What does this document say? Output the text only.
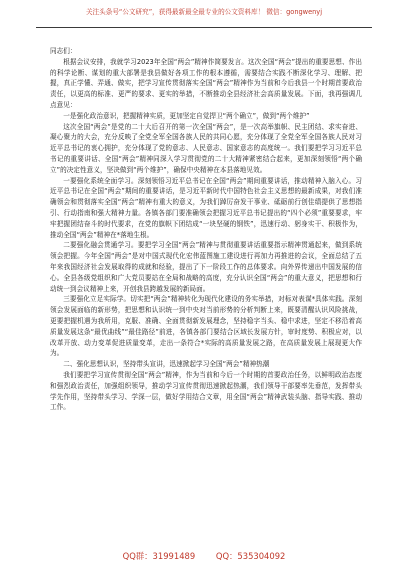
关注头条号“公文研究”，获得最新最全最专业的公文资料库！ 微信：gongwenyj

同志们：

根据会议安排，我就学习2023年全国“两会”精神作简要发言。这次全国“两会”提出的重要思想、作出的科学论断、谋划的重大部署是我县做好各项工作的根本遵循，需要结合实践不断深化学习、理解、把握，真正学懂、弄通、做实，把学习宣传贯彻落实全国“两会”精神作为当前和今后我县一个时期首要政治责任，以更高的标准、更严的要求、更实的举措，不断推动全县经济社会高质量发展。下面，我再强调几点意见：

一是强化政治意识，把握精神实质，更加坚定自觉捍卫“两个确立”，做到“两个维护”

这次全国“两会”是党的二十大后召开的第一次全国“两会”，是一次高举旗帜、民主团结、求实奋进、凝心聚力的大会，充分反映了全党全军全国各族人民的共同心愿，充分体现了全党全军全国各族人民对习近平总书记的衷心拥护，充分体现了党的意志、人民意志、国家意志的高度统一。我们要把学习习近平总书记的重要讲话、全国“两会”精神同深入学习贯彻党的二十大精神紧密结合起来，更加深刻领悟“两个确立”的决定性意义，坚决做到“两个维护”，确保中央精神在本县落地见效。

一要强化系统全面学习。深刻领悟习近平总书记在全国“两会”期间重要讲话，推动精神入脑入心。习近平总书记在全国“两会”期间的重要讲话，是习近平新时代中国特色社会主义思想的最新成果，对我们准确领会和贯彻落实全国“两会”精神有重大的意义，为我们踔厉奋发干事业、砥砺前行创佳绩提供了思想指引、行动指南和强大精神力量。各镇各部门要准确领会把握习近平总书记提出的“四个必须”重要要求，牢牢把握团结奋斗的时代要求，在党的旗帜下团结成“一块坚硬的钢铁”，迅速行动、躬身实干、积极作为，推动全国“两会”精神在*落地生根。

二要强化融会贯通学习。要把学习全国“两会”精神与贯彻重要讲话重要指示精神贯通起来，做到系统领会把握。今年全国“两会”是对中国式现代化宏伟蓝图施工建设进行再加力再推进的会议，全面总结了五年来我国经济社会发展取得的成就和经验，提出了下一阶段工作的总体要求。向外界传递出中国发展的信心。全县各级党组织和广大党员要站在全局和战略的高度，充分认识全国“两会”的重大意义，把思想和行动统一到会议精神上来，开创我县跨越发展的新局面。

三要强化立足实际学。切实把“两会”精神转化为现代化建设的务实举措，对标对表谋*具体实践。深刻领会发展面临的新形势，把思想和认识统一到中央对当前形势的分析判断上来，既要清醒认识风险挑战，更要把握机遇为我所用，克服、准确、全面贯彻新发展理念，坚持稳字当头、稳中求进，坚定不移沿着高质量发展这条“最优曲线”“最佳路径”前进，各镇各部门要结合区域长发展方针，审时度势、积极应对，以改革开放、动力变革促进质量变革，走出一条符合*实际的高质量发展之路，在高质量发展上展现更大作为。

二、强化思想认识，坚持带头宣讲，迅速掀起学习全国“两会”精神热潮

我们要把学习宣传贯彻全国“两会”精神，作为当前和今后一个时期的首要政治任务，以鲜明政治态度和强烈政治责任，加强组织领导，推动学习宣传贯彻迅速掀起热潮，我们领导干部要率先垂范，发挥带头学先作用，坚持带头学习、学深一层，做好学用结合文章，用全国“两会”精神武装头脑、指导实践、推动工作。

QQ群：31991489 QQ：535304092
